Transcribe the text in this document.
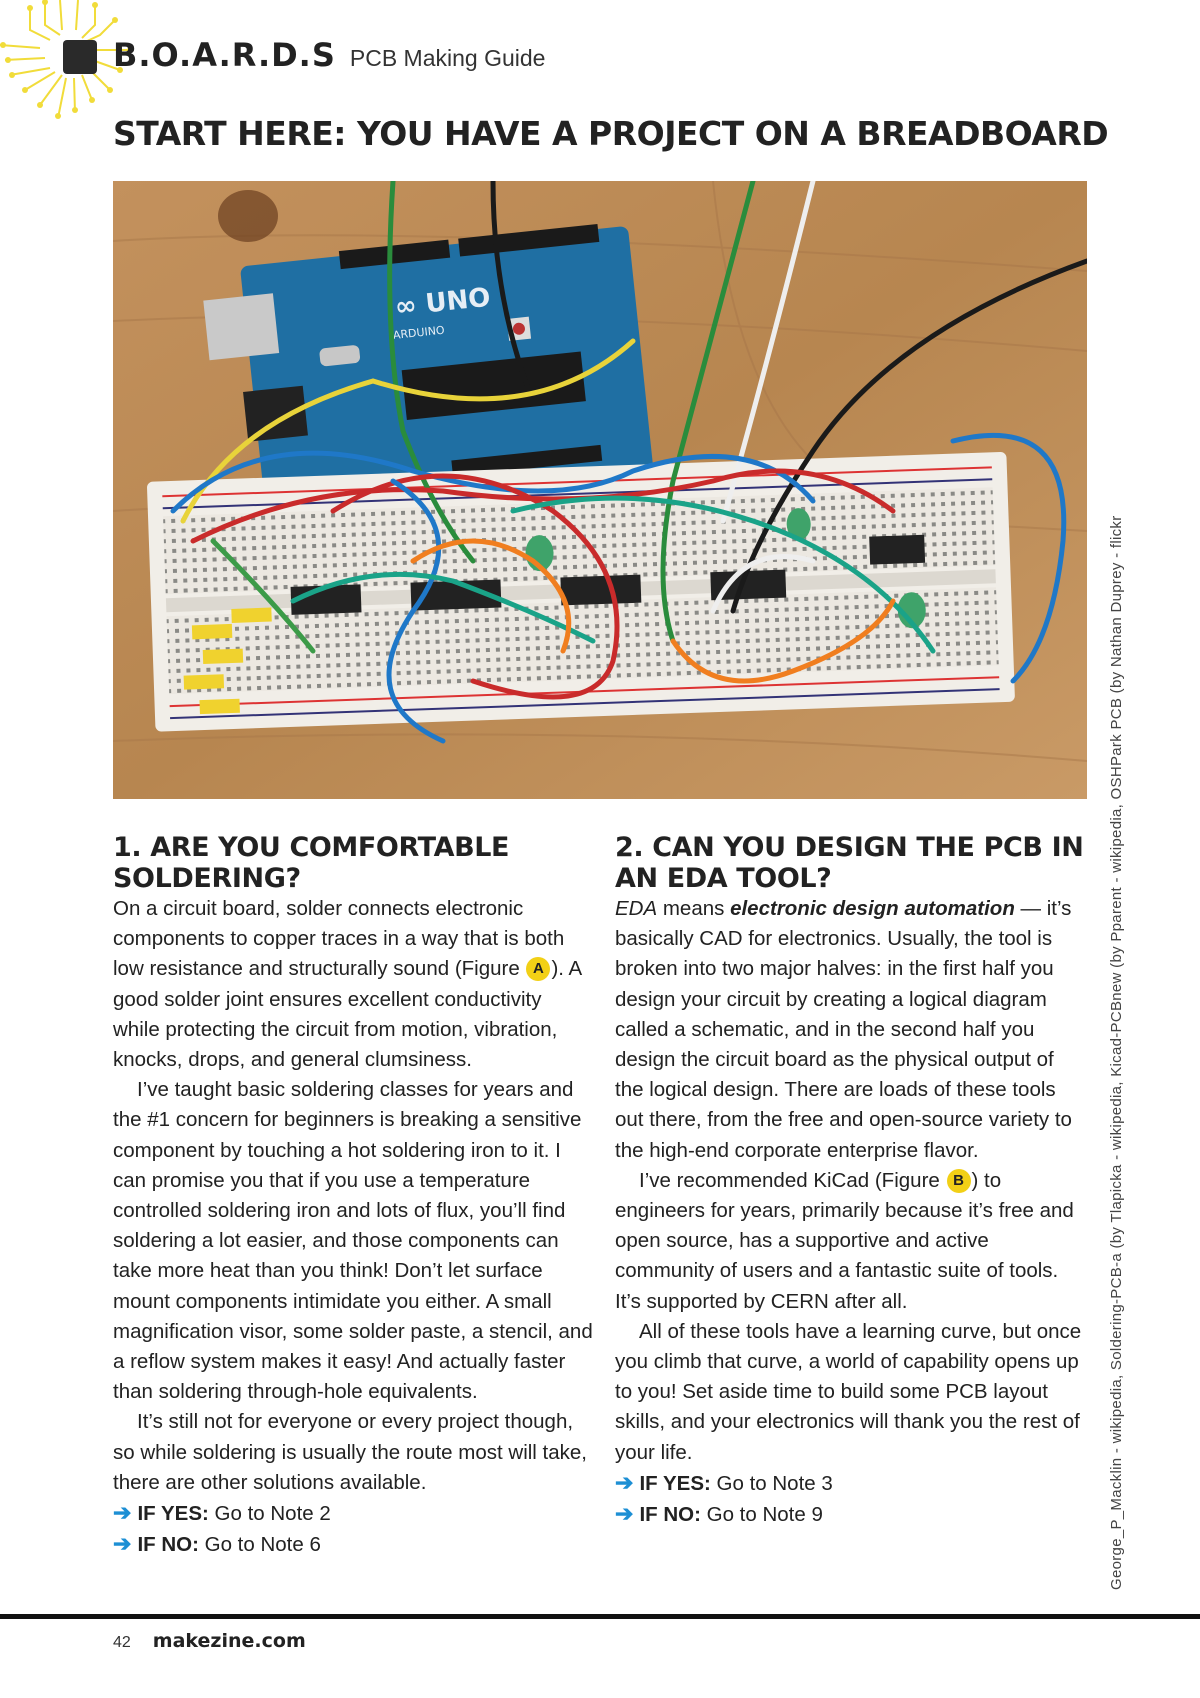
B.O.A.R.D.S PCB Making Guide
START HERE: YOU HAVE A PROJECT ON A BREADBOARD
∞ UNO
ARDUINO
George_P_Macklin - wikipedia, Soldering-PCB-a (by Tlapicka - wikipedia, Kicad-PCBnew (by Pparent - wikipedia, OSHPark PCB (by Nathan Duprey - flickr
1. ARE YOU COMFORTABLE SOLDERING?

On a circuit board, solder connects electronic components to copper traces in a way that is both low resistance and structurally sound (Figure A ). A good solder joint ensures excellent conductivity while protecting the circuit from motion, vibration, knocks, drops, and general clumsiness.

I’ve taught basic soldering classes for years and the #1 concern for beginners is breaking a sensitive component by touching a hot soldering iron to it. I can promise you that if you use a temperature controlled soldering iron and lots of flux, you’ll find soldering a lot easier, and those components can take more heat than you think! Don’t let surface mount components intimidate you either. A small magnification visor, some solder paste, a stencil, and a reflow system makes it easy! And actually faster than soldering through-hole equivalents.

It’s still not for everyone or every project though, so while soldering is usually the route most will take, there are other solutions available.

➔ IF YES: Go to Note 2

➔ IF NO: Go to Note 6

2. CAN YOU DESIGN THE PCB IN AN EDA TOOL?

EDA means electronic design automation — it’s basically CAD for electronics. Usually, the tool is broken into two major halves: in the first half you design your circuit by creating a logical diagram called a schematic, and in the second half you design the circuit board as the physical output of the logical design. There are loads of these tools out there, from the free and open-source variety to the high-end corporate enterprise flavor.

I’ve recommended KiCad (Figure B ) to engineers for years, primarily because it’s free and open source, has a supportive and active community of users and a fantastic suite of tools. It’s supported by CERN after all.

All of these tools have a learning curve, but once you climb that curve, a world of capability opens up to you! Set aside time to build some PCB layout skills, and your electronics will thank you the rest of your life.

➔ IF YES: Go to Note 3

➔ IF NO: Go to Note 9

42 makezine.com
